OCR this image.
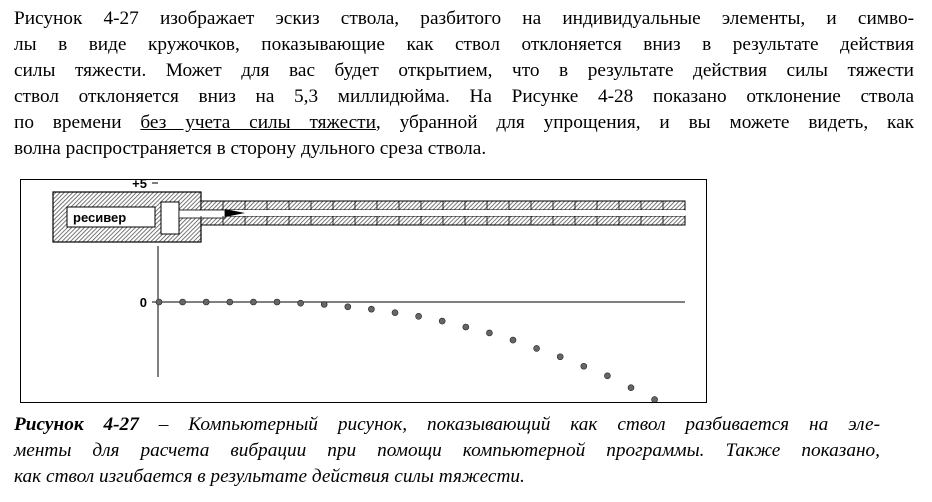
Рисунок 4-27 изображает эскиз ствола, разбитого на индивидуальные элементы, и симво-
лы в виде кружочков, показывающие как ствол отклоняется вниз в результате действия
силы тяжести. Может для вас будет открытием, что в результате действия силы тяжести
ствол отклоняется вниз на 5,3 миллидюйма. На Рисунке 4-28 показано отклонение ствола
по времени без учета силы тяжести, убранной для упрощения, и вы можете видеть, как
волна распространяется в сторону дульного среза ствола.
ресивер
+5
0
Рисунок 4-27 – Компьютерный рисунок, показывающий как ствол разбивается на эле-
менты для расчета вибрации при помощи компьютерной программы. Также показано,
как ствол изгибается в результате действия силы тяжести.
